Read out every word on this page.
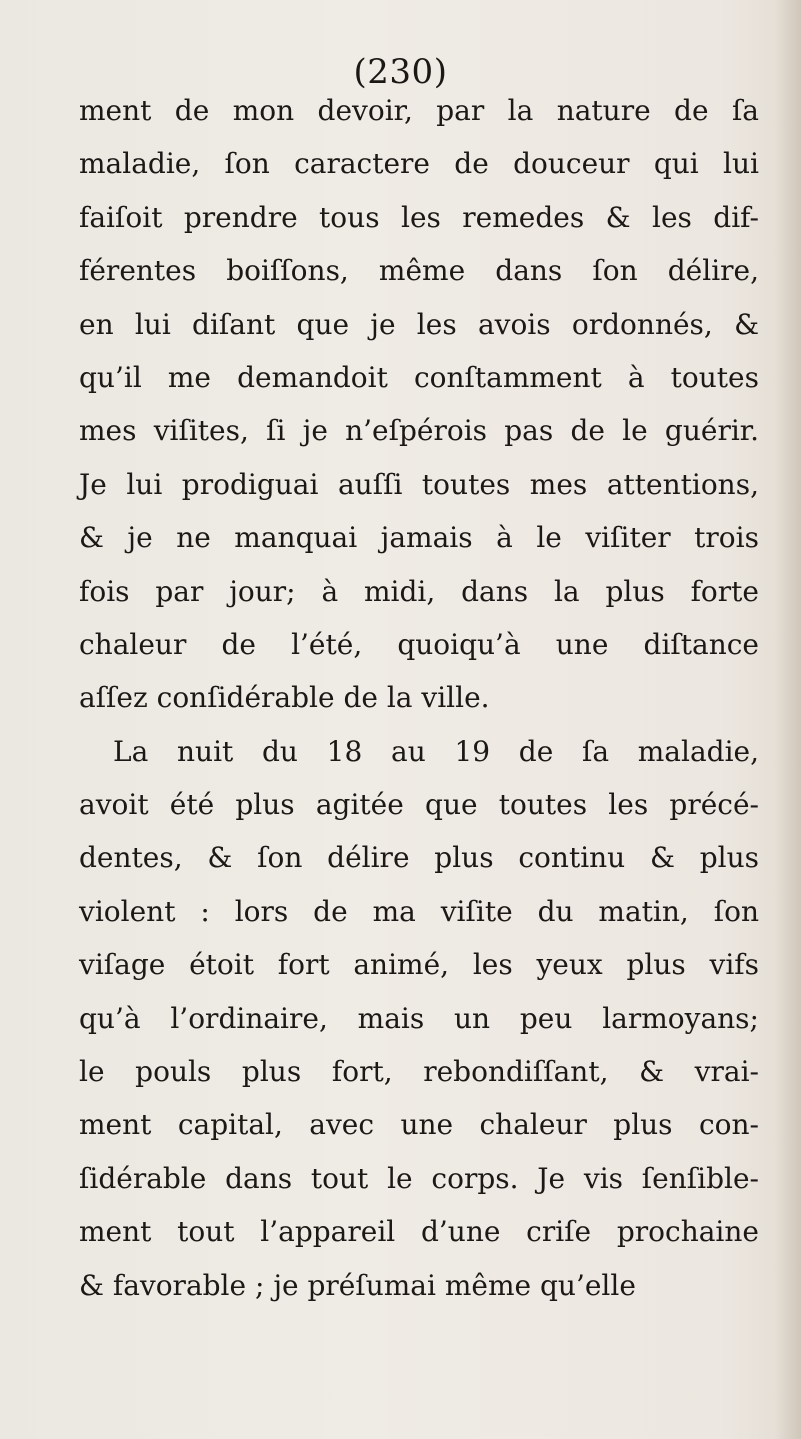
(230)
ment de mon devoir, par la nature de ſa
maladie, ſon caractere de douceur qui lui
faiſoit prendre tous les remedes & les dif-
férentes boiſſons, même dans ſon délire,
en lui diſant que je les avois ordonnés, &
qu’il me demandoit conſtamment à toutes
mes viſites, ſi je n’eſpérois pas de le guérir.
Je lui prodiguai auſſi toutes mes attentions,
& je ne manquai jamais à le viſiter trois
fois par jour; à midi, dans la plus forte
chaleur de l’été, quoiqu’à une diſtance
aſſez conſidérable de la ville.
La nuit du 18 au 19 de ſa maladie,
avoit été plus agitée que toutes les précé-
dentes, & ſon délire plus continu & plus
violent : lors de ma viſite du matin, ſon
viſage étoit fort animé, les yeux plus vifs
qu’à l’ordinaire, mais un peu larmoyans;
le pouls plus fort, rebondiſſant, & vrai-
ment capital, avec une chaleur plus con-
ſidérable dans tout le corps. Je vis ſenſible-
ment tout l’appareil d’une criſe prochaine
& favorable ; je préſumai même qu’elle
